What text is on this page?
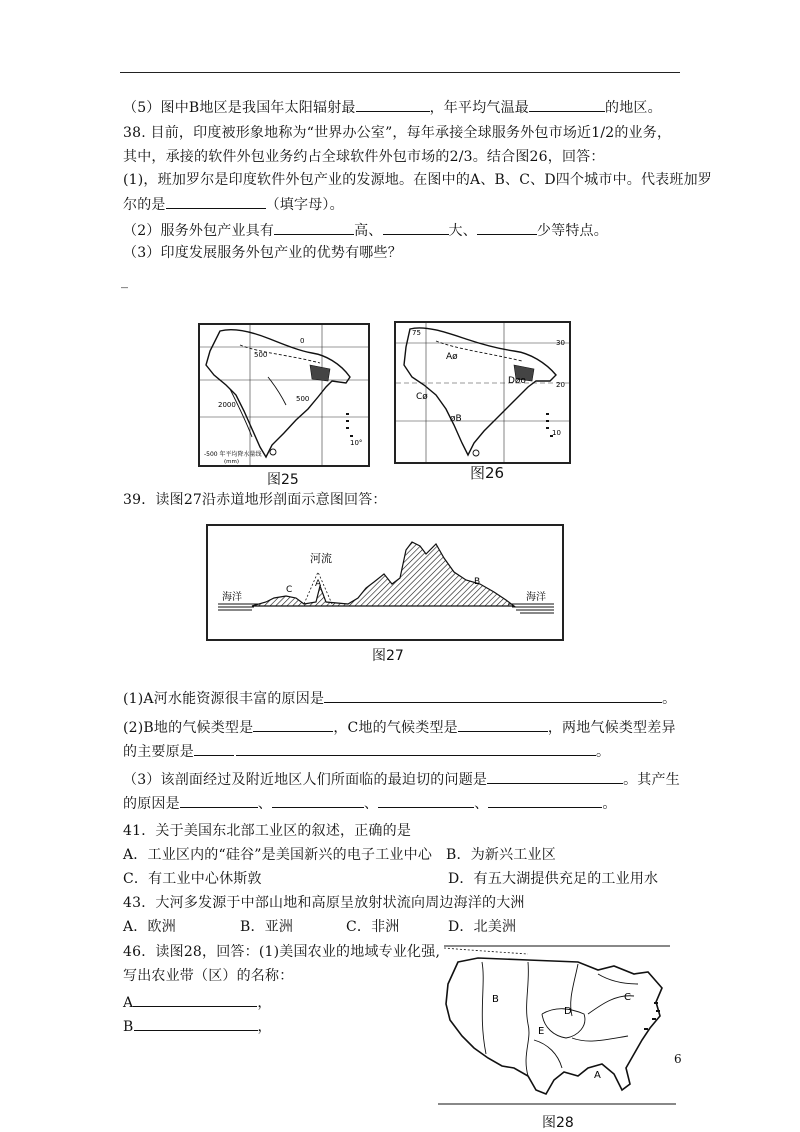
（5）图中B地区是我国年太阳辐射最	，年平均气温最	的地区。
38. 目前，印度被形象地称为“世界办公室”，每年承接全球服务外包市场近1/2的业务，
其中，承接的软件外包业务约占全球软件外包市场的2/3。结合图26，回答：
(1)，班加罗尔是印度软件外包产业的发源地。在图中的A、B、C、D四个城市中。代表班加罗
尔的是	（填字母）。
（2）服务外包产业具有	高、	大、	少等特点。
（3）印度发展服务外包产业的优势有哪些？
_
500
2000
500
0
10°
-500 年平均降水量线
(mm)
图25
75
30
20
10
Aø
øB
Cø
Døo
图26
39．读图27沿赤道地形剖面示意图回答：
河流
A
C
B
海洋	海洋
图27
(1)A河水能资源很丰富的原因是	。
(2)B地的气候类型是	，C地的气候类型是	，两地气候类型差异
的主要原是	。
（3）该剖面经过及附近地区人们所面临的最迫切的问题是	。其产生
的原因是	、	、	、	。
41．关于美国东北部工业区的叙述，正确的是
A．工业区内的“硅谷”是美国新兴的电子工业中心 B．为新兴工业区
C．有工业中心休斯敦	D．有五大湖提供充足的工业用水
43．大河多发源于中部山地和高原呈放射状流向周边海洋的大洲
A．欧洲	B．亚洲	C．非洲	D．北美洲
46．读图28，回答：(1)美国农业的地域专业化强,
写出农业带（区）的名称：
A	，
B	，
B
A
C
D
E
6
图28
